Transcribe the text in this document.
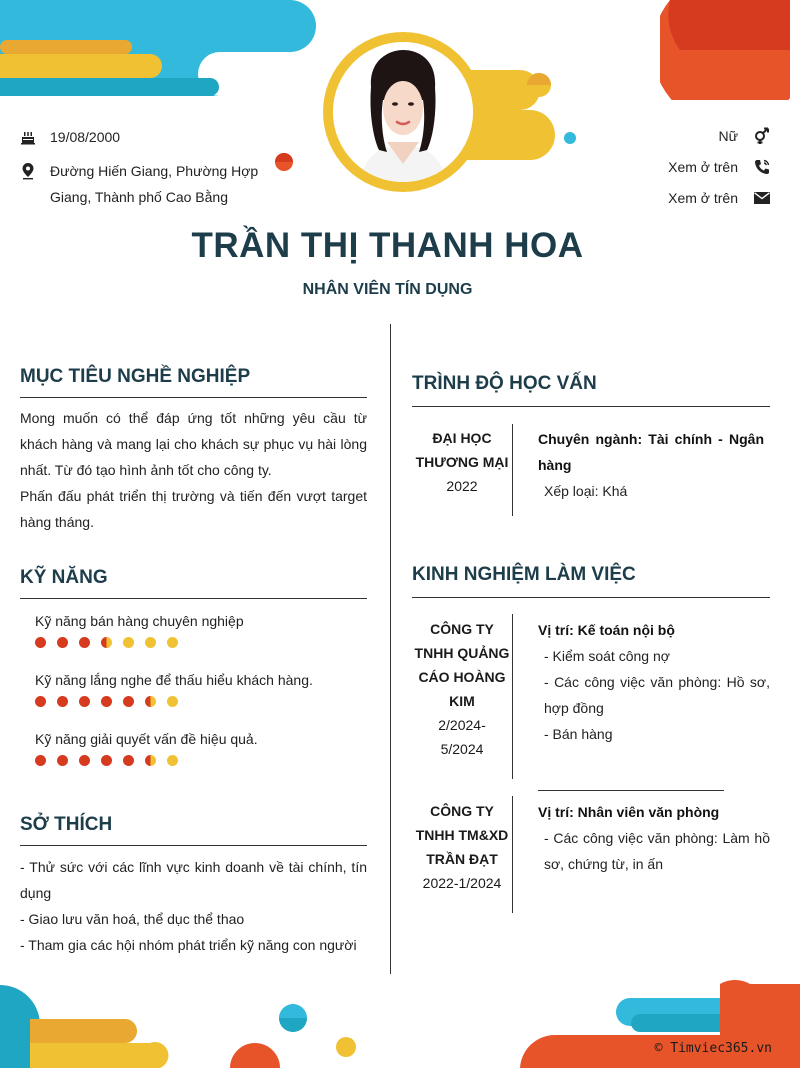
19/08/2000
Đường Hiến Giang, Phường Hợp
Giang, Thành phố Cao Bằng
Nữ
Xem ở trên
Xem ở trên
TRẦN THỊ THANH HOA
NHÂN VIÊN TÍN DỤNG
MỤC TIÊU NGHỀ NGHIỆP
Mong muốn có thể đáp ứng tốt những yêu cầu từ khách hàng và mang lại cho khách sự phục vụ hài lòng nhất. Từ đó tạo hình ảnh tốt cho công ty.
Phấn đấu phát triển thị trường và tiến đến vượt target hàng tháng.
KỸ NĂNG
Kỹ năng bán hàng chuyên nghiệp
Kỹ năng lắng nghe để thấu hiểu khách hàng.
Kỹ năng giải quyết vấn đề hiệu quả.
SỞ THÍCH
- Thử sức với các lĩnh vực kinh doanh về tài chính, tín dụng
- Giao lưu văn hoá, thể dục thể thao
- Tham gia các hội nhóm phát triển kỹ năng con người
TRÌNH ĐỘ HỌC VẤN
ĐẠI HỌC
THƯƠNG MẠI
2022
Chuyên ngành: Tài chính - Ngân hàng
Xếp loại: Khá
KINH NGHIỆM LÀM VIỆC
CÔNG TY
TNHH QUẢNG
CÁO HOÀNG
KIM
2/2024-
5/2024
Vị trí: Kế toán nội bộ
- Kiểm soát công nợ
- Các công việc văn phòng: Hồ sơ, hợp đồng
- Bán hàng
CÔNG TY
TNHH TM&XD
TRẦN ĐẠT
2022-1/2024
Vị trí: Nhân viên văn phòng
- Các công việc văn phòng: Làm hồ sơ, chứng từ, in ấn
© Timviec365.vn
